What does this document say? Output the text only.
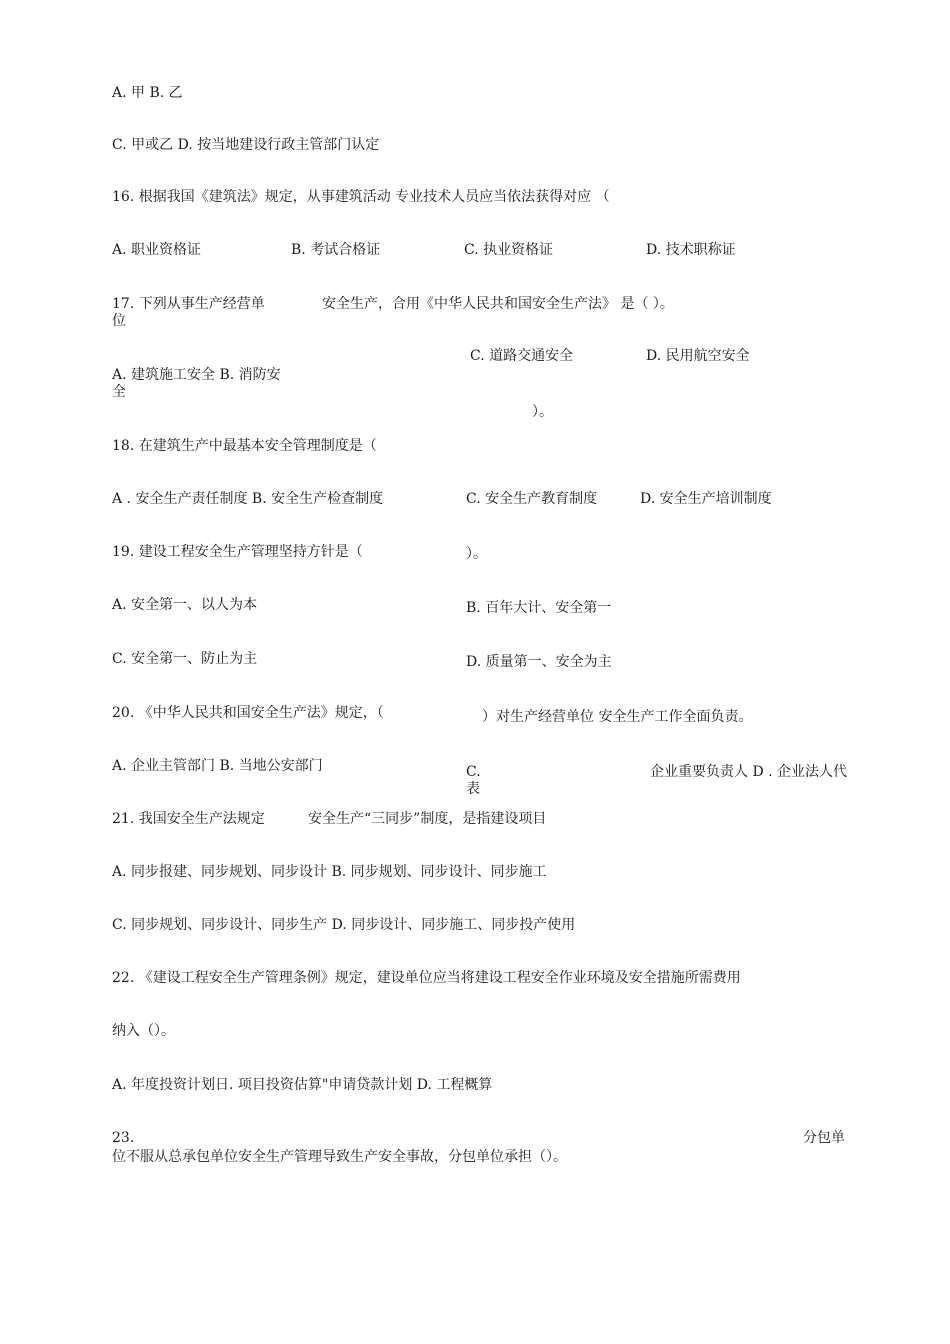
A. 甲 B. 乙
C. 甲或乙 D. 按当地建设行政主管部门认定
16. 根据我国《建筑法》规定，从事建筑活动 专业技术人员应当依法获得对应 （
A. 职业资格证	B. 考试合格证	C. 执业资格证	D. 技术职称证
17. 下列从事生产经营单
位
安全生产，合用《中华人民共和国安全生产法》 是（ ）。
C. 道路交通安全	D. 民用航空安全
A. 建筑施工安全 B. 消防安
全
）。
18. 在建筑生产中最基本安全管理制度是（
A . 安全生产责任制度 B. 安全生产检查制度	C. 安全生产教育制度	D. 安全生产培训制度
19. 建设工程安全生产管理坚持方针是（	）。
A. 安全第一、以人为本	B. 百年大计、安全第一
C. 安全第一、防止为主	D. 质量第一、安全为主
20. 《中华人民共和国安全生产法》规定，（	）对生产经营单位 安全生产工作全面负责。
A. 企业主管部门 B. 当地公安部门	C.
表
企业重要负责人 D . 企业法人代
21. 我国安全生产法规定	安全生产“三同步”制度，是指建设项目
A. 同步报建、同步规划、同步设计 B. 同步规划、同步设计、同步施工
C. 同步规划、同步设计、同步生产 D. 同步设计、同步施工、同步投产使用
22. 《建设工程安全生产管理条例》规定，建设单位应当将建设工程安全作业环境及安全措施所需费用
纳入（）。
A. 年度投资计划日. 项目投资估算"申请贷款计划 D. 工程概算
23.	分包单
位不服从总承包单位安全生产管理导致生产安全事故，分包单位承担（）。
